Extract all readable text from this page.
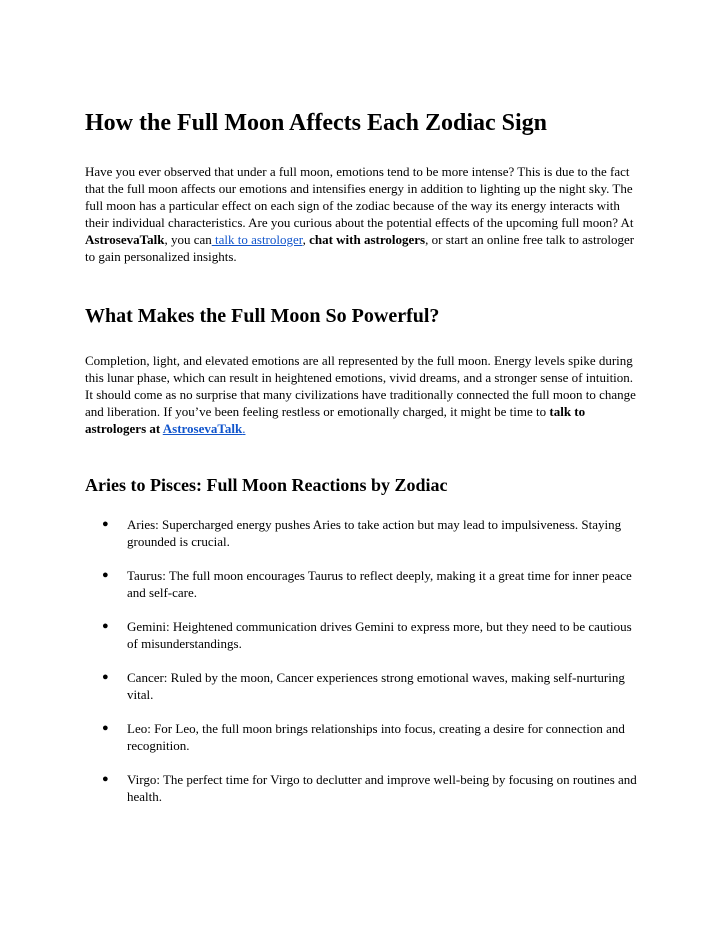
How the Full Moon Affects Each Zodiac Sign

Have you ever observed that under a full moon, emotions tend to be more intense? This is due to the fact that the full moon affects our emotions and intensifies energy in addition to lighting up the night sky. The full moon has a particular effect on each sign of the zodiac because of the way its energy interacts with their individual characteristics. Are you curious about the potential effects of the upcoming full moon? At AstrosevaTalk, you can talk to astrologer, chat with astrologers, or start an online free talk to astrologer to gain personalized insights.

What Makes the Full Moon So Powerful?

Completion, light, and elevated emotions are all represented by the full moon. Energy levels spike during this lunar phase, which can result in heightened emotions, vivid dreams, and a stronger sense of intuition. It should come as no surprise that many civilizations have traditionally connected the full moon to change and liberation. If you’ve been feeling restless or emotionally charged, it might be time to talk to astrologers at AstrosevaTalk.

Aries to Pisces: Full Moon Reactions by Zodiac
● Aries: Supercharged energy pushes Aries to take action but may lead to impulsiveness. Staying grounded is crucial.
● Taurus: The full moon encourages Taurus to reflect deeply, making it a great time for inner peace and self-care.
● Gemini: Heightened communication drives Gemini to express more, but they need to be cautious of misunderstandings.
● Cancer: Ruled by the moon, Cancer experiences strong emotional waves, making self-nurturing vital.
● Leo: For Leo, the full moon brings relationships into focus, creating a desire for connection and recognition.
● Virgo: The perfect time for Virgo to declutter and improve well-being by focusing on routines and health.
